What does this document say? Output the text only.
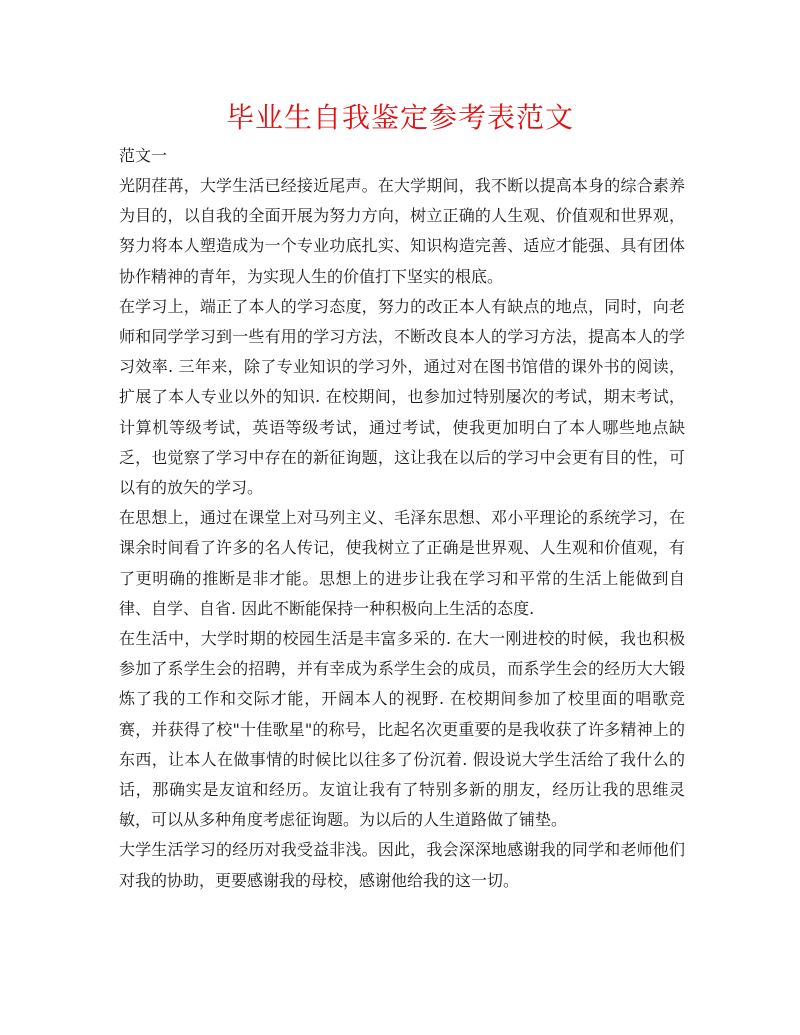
毕业生自我鉴定参考表范文

范文一

光阴荏苒，大学生活已经接近尾声。在大学期间，我不断以提高本身的综合素养为目的，以自我的全面开展为努力方向，树立正确的人生观、价值观和世界观，努力将本人塑造成为一个专业功底扎实、知识构造完善、适应才能强、具有团体协作精神的青年，为实现人生的价值打下坚实的根底。

在学习上，端正了本人的学习态度，努力的改正本人有缺点的地点，同时，向老师和同学学习到一些有用的学习方法，不断改良本人的学习方法，提高本人的学习效率. 三年来，除了专业知识的学习外，通过对在图书馆借的课外书的阅读，扩展了本人专业以外的知识. 在校期间，也参加过特别屡次的考试，期末考试，计算机等级考试，英语等级考试，通过考试，使我更加明白了本人哪些地点缺乏，也觉察了学习中存在的新征询题，这让我在以后的学习中会更有目的性，可以有的放矢的学习。

在思想上，通过在课堂上对马列主义、毛泽东思想、邓小平理论的系统学习，在课余时间看了许多的名人传记，使我树立了正确是世界观、人生观和价值观，有了更明确的推断是非才能。思想上的进步让我在学习和平常的生活上能做到自律、自学、自省. 因此不断能保持一种积极向上生活的态度.

在生活中，大学时期的校园生活是丰富多采的. 在大一刚进校的时候，我也积极参加了系学生会的招聘，并有幸成为系学生会的成员，而系学生会的经历大大锻炼了我的工作和交际才能，开阔本人的视野. 在校期间参加了校里面的唱歌竞赛，并获得了校"十佳歌星"的称号，比起名次更重要的是我收获了许多精神上的东西，让本人在做事情的时候比以往多了份沉着. 假设说大学生活给了我什么的话，那确实是友谊和经历。友谊让我有了特别多新的朋友，经历让我的思维灵敏，可以从多种角度考虑征询题。为以后的人生道路做了铺垫。

大学生活学习的经历对我受益非浅。因此，我会深深地感谢我的同学和老师他们对我的协助，更要感谢我的母校，感谢他给我的这一切。
